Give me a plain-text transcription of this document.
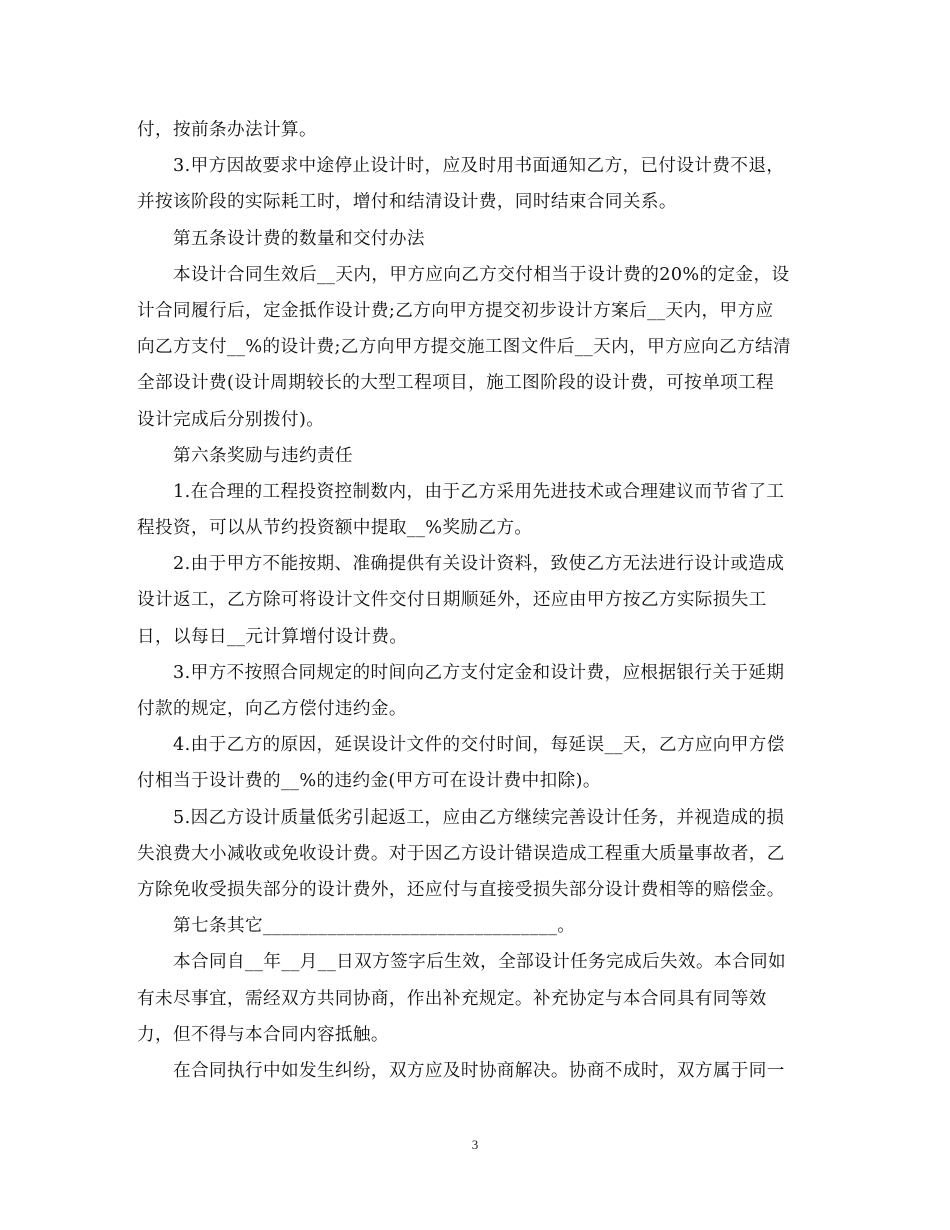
付，按前条办法计算。
3.甲方因故要求中途停止设计时，应及时用书面通知乙方，已付设计费不退，
并按该阶段的实际耗工时，增付和结清设计费，同时结束合同关系。
第五条设计费的数量和交付办法
本设计合同生效后__天内，甲方应向乙方交付相当于设计费的20%的定金，设
计合同履行后，定金抵作设计费;乙方向甲方提交初步设计方案后__天内，甲方应
向乙方支付__%的设计费;乙方向甲方提交施工图文件后__天内，甲方应向乙方结清
全部设计费(设计周期较长的大型工程项目，施工图阶段的设计费，可按单项工程
设计完成后分别拨付)。
第六条奖励与违约责任
1.在合理的工程投资控制数内，由于乙方采用先进技术或合理建议而节省了工
程投资，可以从节约投资额中提取__%奖励乙方。
2.由于甲方不能按期、准确提供有关设计资料，致使乙方无法进行设计或造成
设计返工，乙方除可将设计文件交付日期顺延外，还应由甲方按乙方实际损失工
日，以每日__元计算增付设计费。
3.甲方不按照合同规定的时间向乙方支付定金和设计费，应根据银行关于延期
付款的规定，向乙方偿付违约金。
4.由于乙方的原因，延误设计文件的交付时间，每延误__天，乙方应向甲方偿
付相当于设计费的__%的违约金(甲方可在设计费中扣除)。
5.因乙方设计质量低劣引起返工，应由乙方继续完善设计任务，并视造成的损
失浪费大小减收或免收设计费。对于因乙方设计错误造成工程重大质量事故者，乙
方除免收受损失部分的设计费外，还应付与直接受损失部分设计费相等的赔偿金。
第七条其它________________________________。
本合同自__年__月__日双方签字后生效，全部设计任务完成后失效。本合同如
有未尽事宜，需经双方共同协商，作出补充规定。补充协定与本合同具有同等效
力，但不得与本合同内容抵触。
在合同执行中如发生纠纷，双方应及时协商解决。协商不成时，双方属于同一
3
